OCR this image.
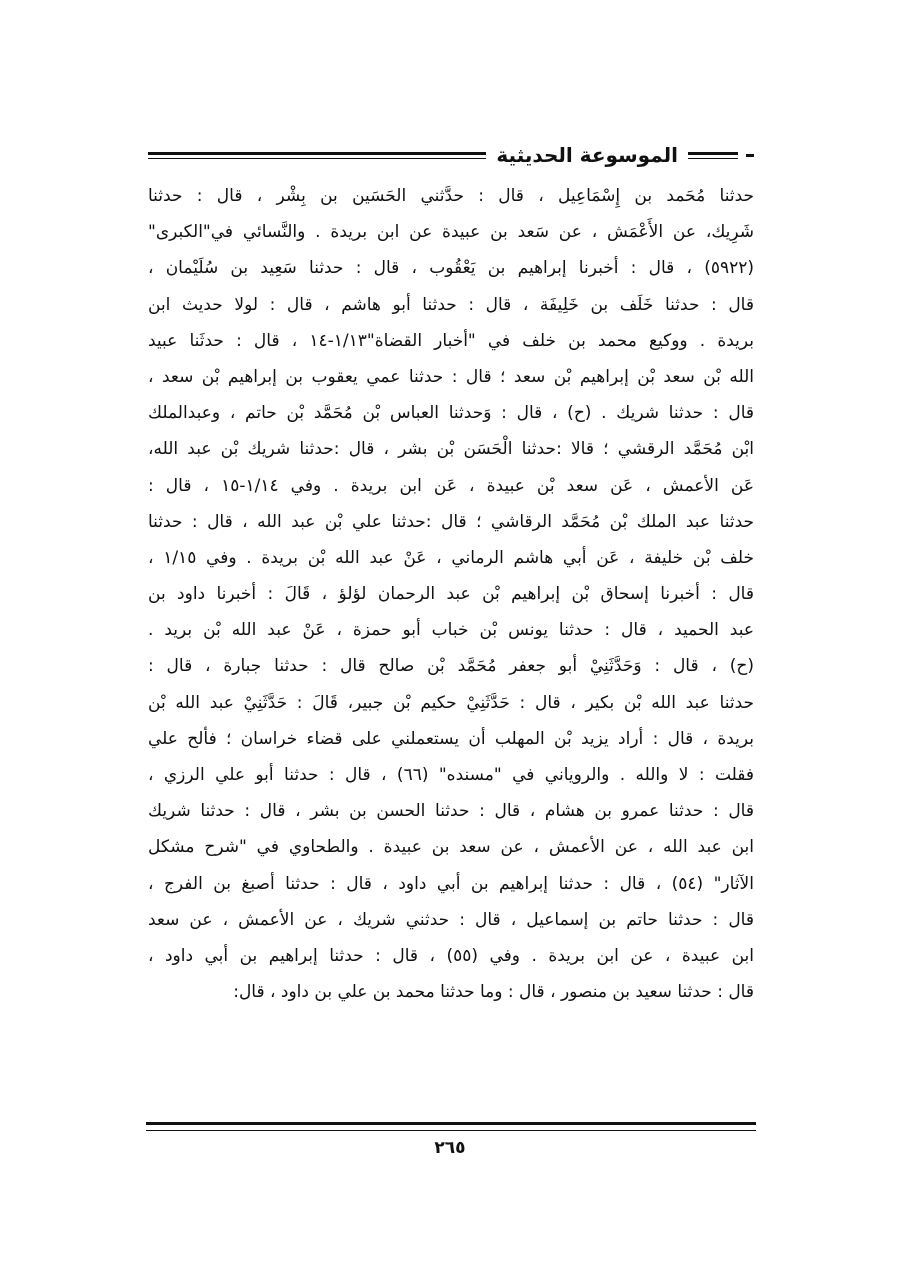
الموسوعة الحديثية
حدثنا مُحَمد بن إِسْمَاعِيل ، قال : حدَّثني الحَسَين بن بِشْر ، قال : حدثنا
شَرِيك، عن الأَعْمَش ، عن سَعد بن عبيدة عن ابن بريدة . والنَّسائي في"الكبرى"
(٥٩٢٢) ، قال : أخبرنا إبراهيم بن يَعْقُوب ، قال : حدثنا سَعِيد بن سُلَيْمان ،
قال : حدثنا خَلَف بن خَلِيفَة ، قال : حدثنا أبو هاشم ، قال : لولا حديث ابن
بريدة . ووكيع محمد بن خلف في "أخبار القضاة"١/١٣-١٤ ، قال : حدثَنا عبيد
الله بْن سعد بْن إبراهيم بْن سعد ؛ قال : حدثنا عمي يعقوب بن إبراهيم بْن سعد ،
قال : حدثنا شريك . (ح) ، قال : وَحدثنا العباس بْن مُحَمَّد بْن حاتم ، وعبدالملك
ابْن مُحَمَّد الرقشي ؛ قالا :حدثنا الْحَسَن بْن بشر ، قال :حدثنا شريك بْن عبد الله،
عَن الأعمش ، عَن سعد بْن عبيدة ، عَن ابن بريدة . وفي ١/١٤-١٥ ، قال :
حدثنا عبد الملك بْن مُحَمَّد الرقاشي ؛ قال :حدثنا علي بْن عبد الله ، قال : حدثنا
خلف بْن خليفة ، عَن أبي هاشم الرماني ، عَنْ عبد الله بْن بريدة . وفي ١/١٥ ،
قال : أخبرنا إسحاق بْن إبراهيم بْن عبد الرحمان لؤلؤ ، قَالَ : أخبرنا داود بن
عبد الحميد ، قال : حدثنا يونس بْن خباب أبو حمزة ، عَنْ عبد الله بْن بريد .
(ح) ، قال : وَحَدَّثَنِيْ أبو جعفر مُحَمَّد بْن صالح قال : حدثنا جبارة ، قال :
حدثنا عبد الله بْن بكير ، قال : حَدَّثَنِيْ حكيم بْن جبير، قَالَ : حَدَّثَنِيْ عبد الله بْن
بريدة ، قال : أراد يزيد بْن المهلب أن يستعملني على قضاء خراسان ؛ فألح علي
فقلت : لا والله . والروياني في "مسنده" (٦٦) ، قال : حدثنا أبو علي الرزي ،
قال : حدثنا عمرو بن هشام ، قال : حدثنا الحسن بن بشر ، قال : حدثنا شريك
ابن عبد الله ، عن الأعمش ، عن سعد بن عبيدة . والطحاوي في "شرح مشكل
الآثار" (٥٤) ، قال : حدثنا إبراهيم بن أبي داود ، قال : حدثنا أصبغ بن الفرج ،
قال : حدثنا حاتم بن إسماعيل ، قال : حدثني شريك ، عن الأعمش ، عن سعد
ابن عبيدة ، عن ابن بريدة . وفي (٥٥) ، قال : حدثنا إبراهيم بن أبي داود ،
قال : حدثنا سعيد بن منصور ، قال : وما حدثنا محمد بن علي بن داود ، قال:
٢٦٥
